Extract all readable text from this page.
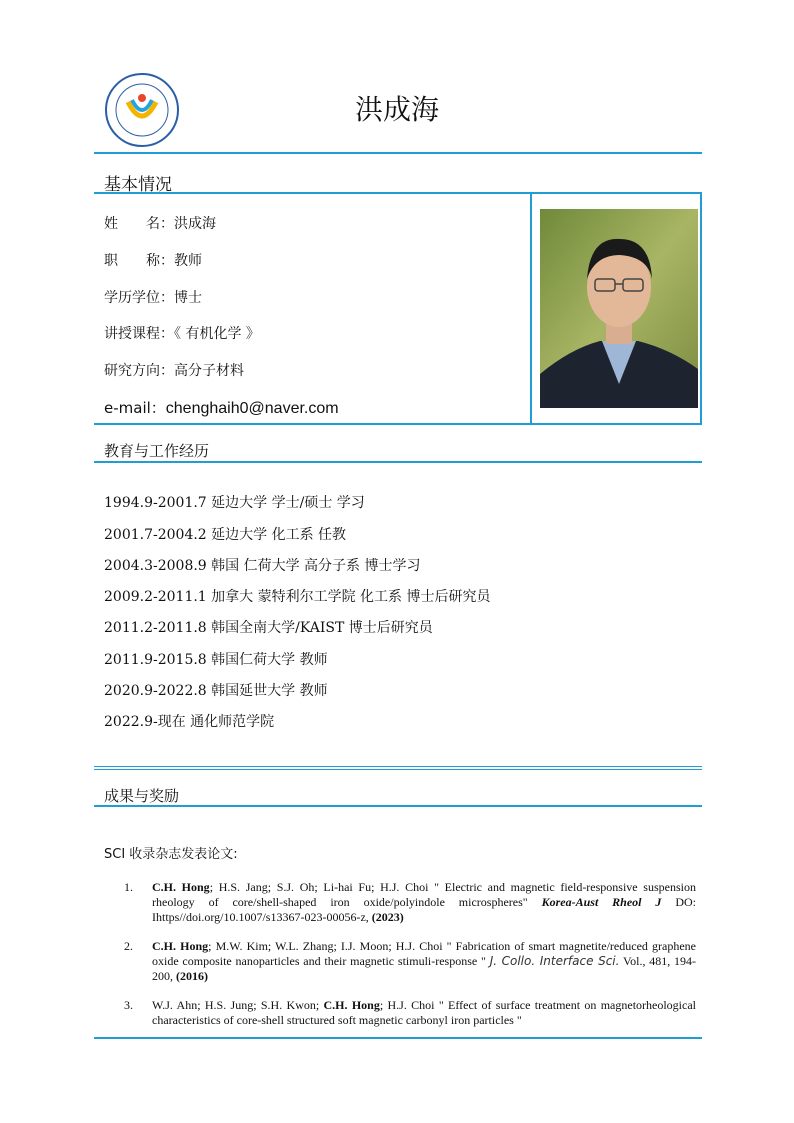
洪成海
基本情况
教育与工作经历
成果与奖励
姓　　名：洪成海
职　　称：教师
学历学位：博士
讲授课程：《 有机化学 》
研究方向：高分子材料
e-mail：chenghaih0@naver.com
1994.9-2001.7 延边大学 学士/硕士 学习
2001.7-2004.2 延边大学 化工系 任教
2004.3-2008.9 韩国 仁荷大学 高分子系 博士学习
2009.2-2011.1 加拿大 蒙特利尔工学院 化工系 博士后研究员
2011.2-2011.8 韩国全南大学/KAIST 博士后研究员
2011.9-2015.8 韩国仁荷大学 教师
2020.9-2022.8 韩国延世大学 教师
2022.9-现在 通化师范学院
SCI 收录杂志发表论文:
1. C.H. Hong; H.S. Jang; S.J. Oh; Li-hai Fu; H.J. Choi " Electric and magnetic field-responsive suspension rheology of core/shell-shaped iron oxide/polyindole microspheres" Korea-Aust Rheol J DO: Ihttps//doi.org/10.1007/s13367-023-00056-z, (2023)
2. C.H. Hong; M.W. Kim; W.L. Zhang; I.J. Moon; H.J. Choi " Fabrication of smart magnetite/reduced graphene oxide composite nanoparticles and their magnetic stimuli-response " J. Collo. Interface Sci. Vol., 481, 194-200, (2016)
3. W.J. Ahn; H.S. Jung; S.H. Kwon; C.H. Hong; H.J. Choi " Effect of surface treatment on magnetorheological characteristics of core-shell structured soft magnetic carbonyl iron particles "
